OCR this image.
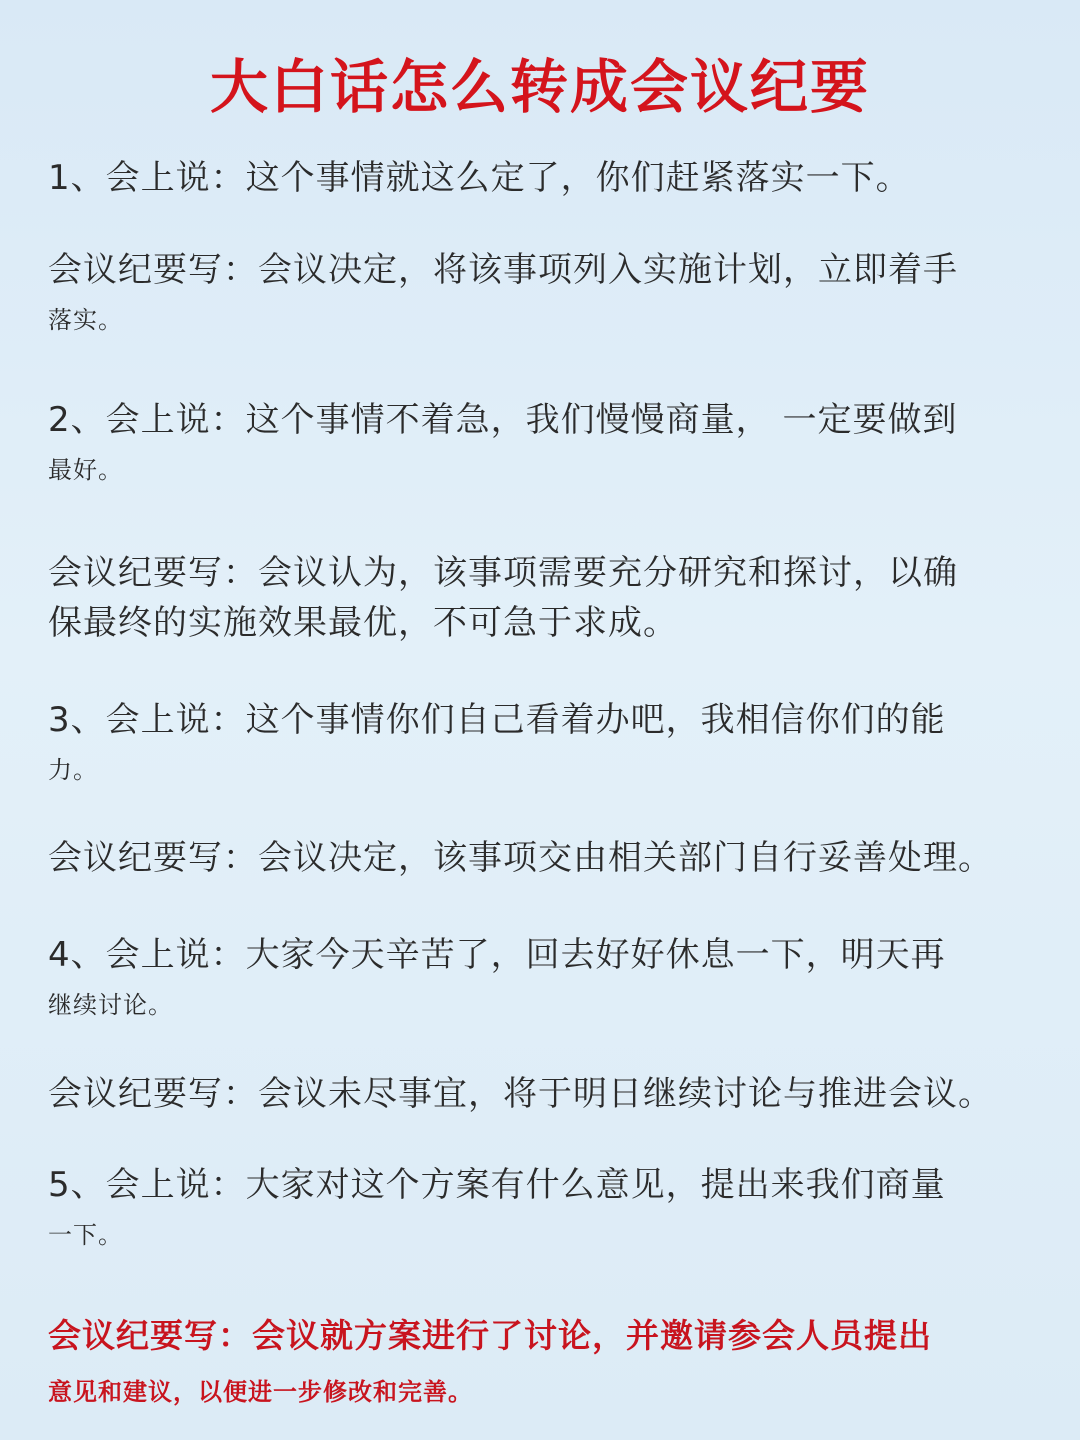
大白话怎么转成会议纪要
1、会上说：这个事情就这么定了，你们赶紧落实一下。
会议纪要写：会议决定，将该事项列入实施计划，立即着手
落实。
2、会上说：这个事情不着急，我们慢慢商量， 一定要做到
最好。
会议纪要写：会议认为，该事项需要充分研究和探讨，以确
保最终的实施效果最优，不可急于求成。
3、会上说：这个事情你们自己看着办吧，我相信你们的能
力。
会议纪要写：会议决定，该事项交由相关部门自行妥善处理。
4、会上说：大家今天辛苦了，回去好好休息一下，明天再
继续讨论。
会议纪要写：会议未尽事宜，将于明日继续讨论与推进会议。
5、会上说：大家对这个方案有什么意见，提出来我们商量
一下。
会议纪要写：会议就方案进行了讨论，并邀请参会人员提出
意见和建议，以便进一步修改和完善。
